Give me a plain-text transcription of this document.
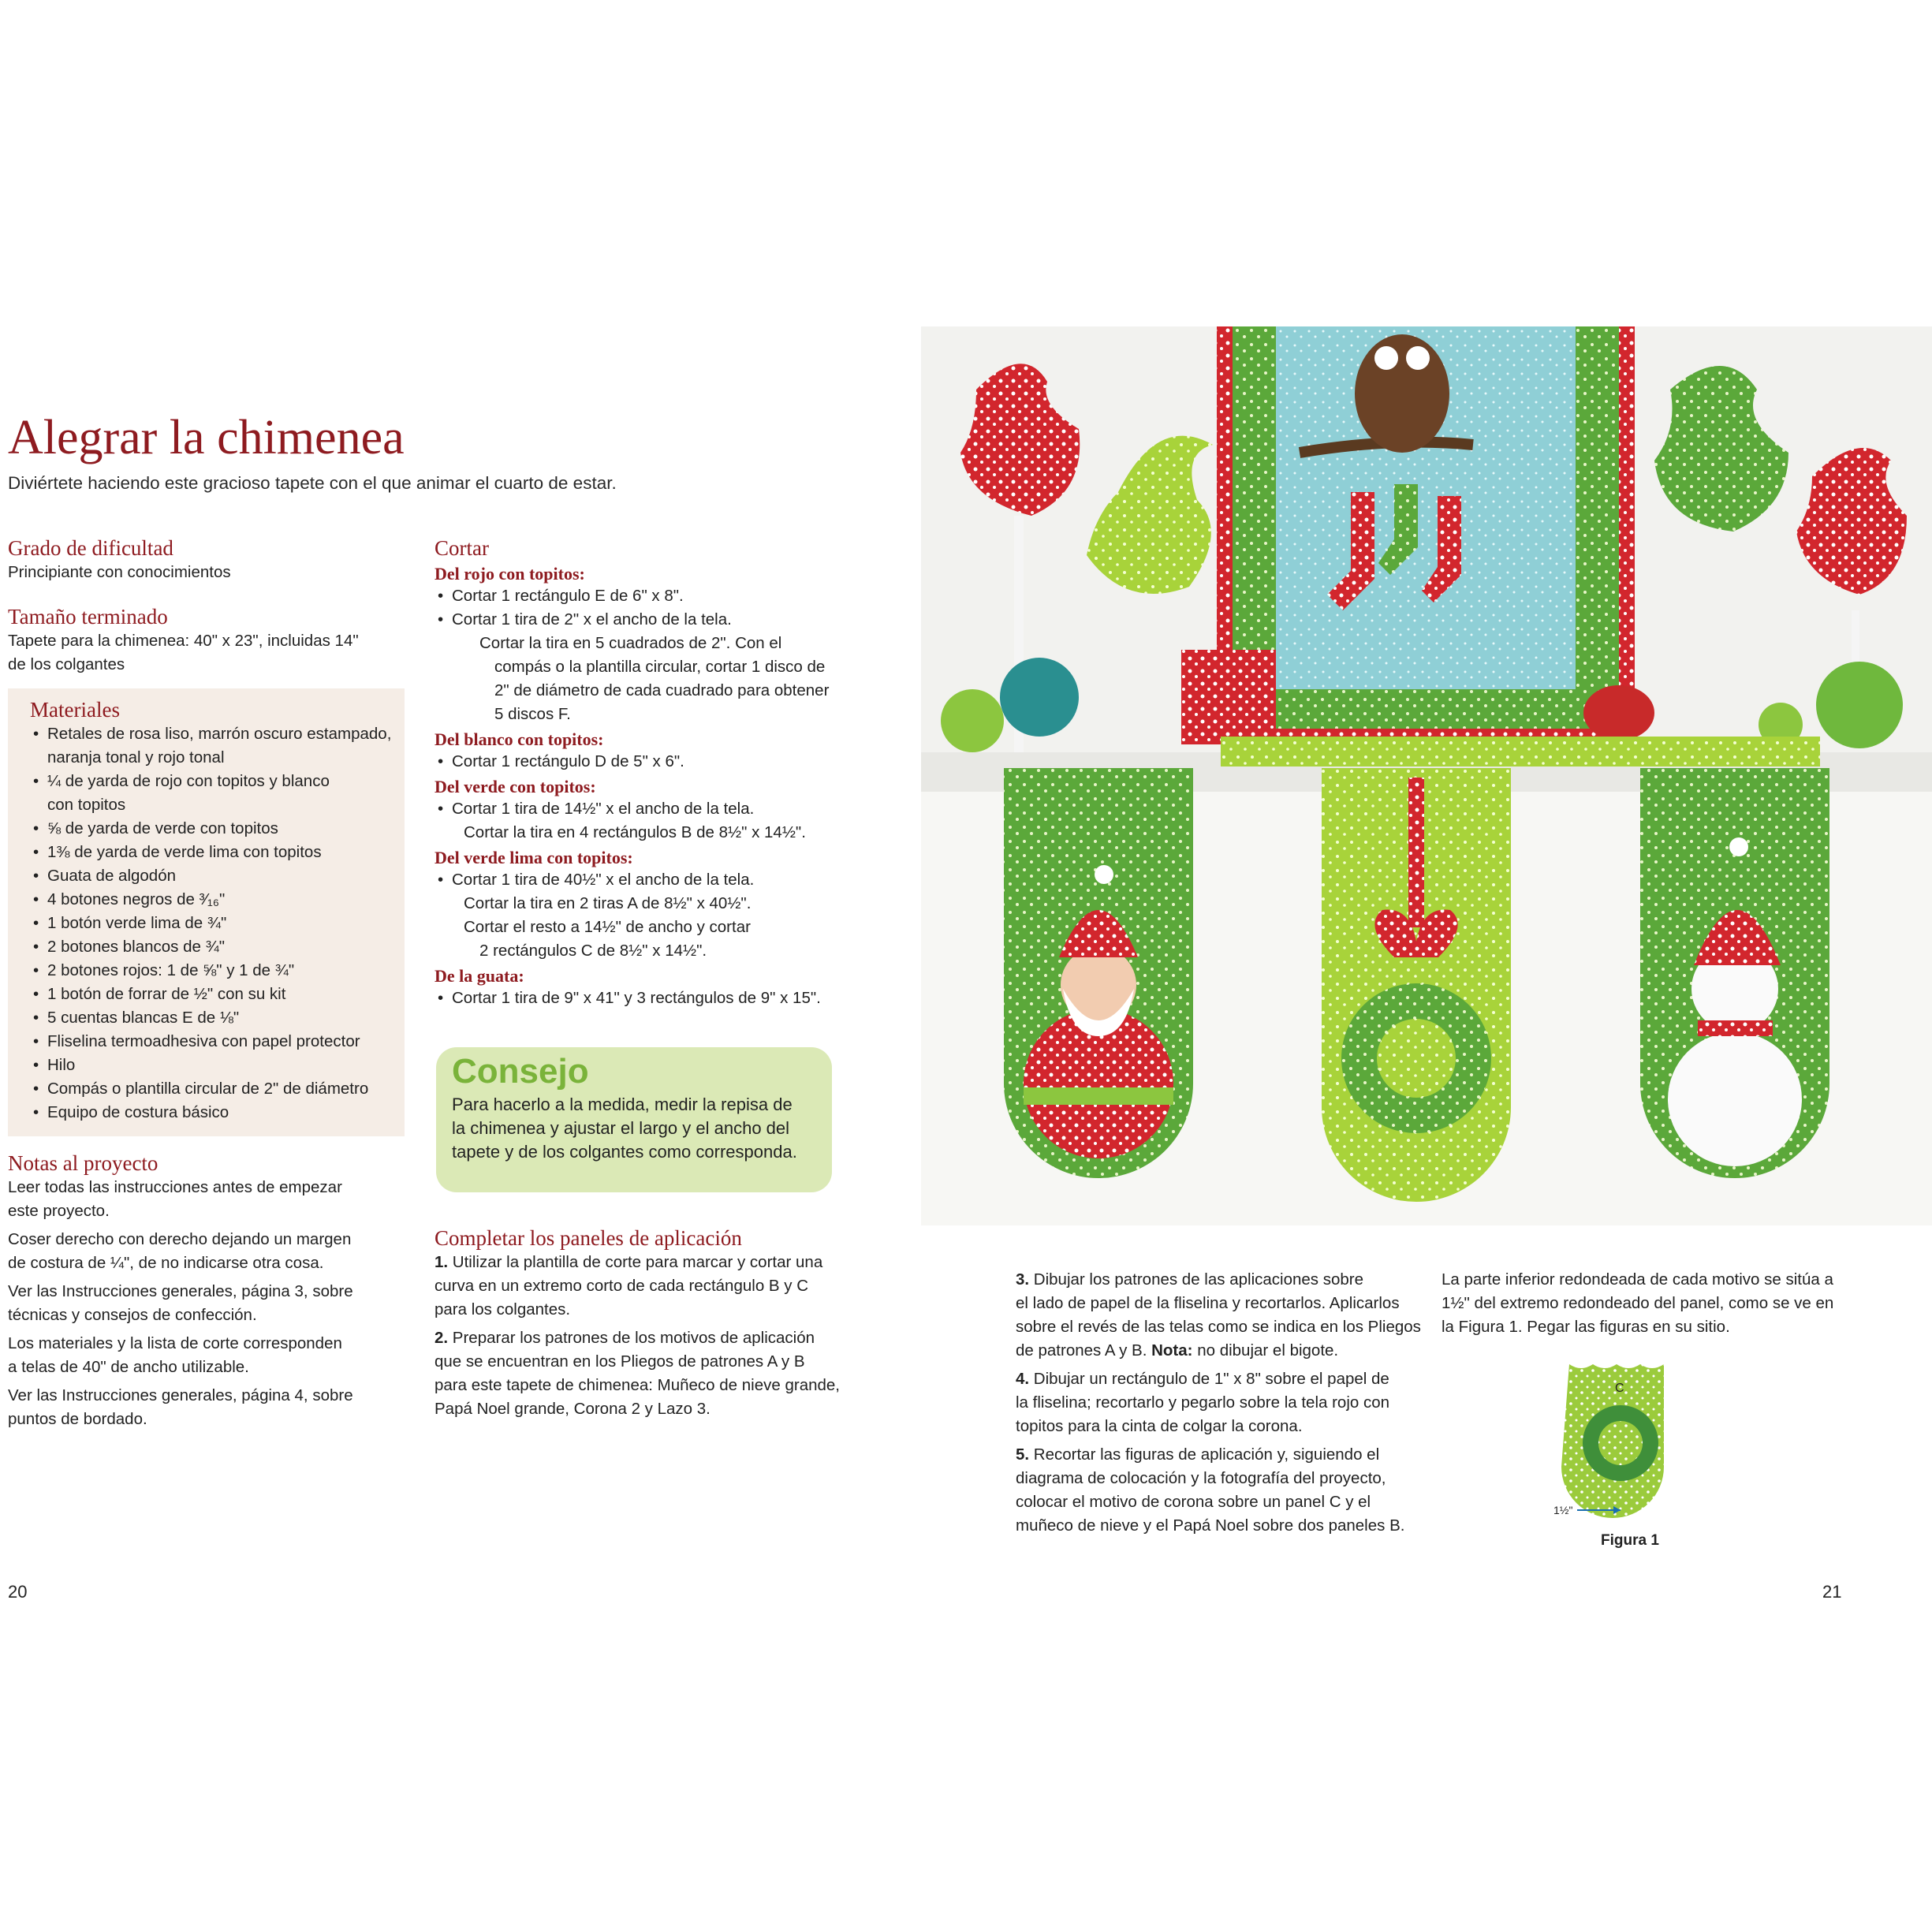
Alegrar la chimenea
Diviértete haciendo este gracioso tapete con el que animar el cuarto de estar.
Grado de dificultad
Principiante con conocimientos
Tamaño terminado
Tapete para la chimenea: 40" x 23", incluidas 14"
de los colgantes
Materiales
• Retales de rosa liso, marrón oscuro estampado,
naranja tonal y rojo tonal
• ¼ de yarda de rojo con topitos y blanco
con topitos
• ⅝ de yarda de verde con topitos
• 1⅜ de yarda de verde lima con topitos
• Guata de algodón
• 4 botones negros de ³⁄₁₆"
• 1 botón verde lima de ¾"
• 2 botones blancos de ¾"
• 2 botones rojos: 1 de ⅝" y 1 de ¾"
• 1 botón de forrar de ½" con su kit
• 5 cuentas blancas E de ⅛"
• Fliselina termoadhesiva con papel protector
• Hilo
• Compás o plantilla circular de 2" de diámetro
• Equipo de costura básico
Notas al proyecto
Leer todas las instrucciones antes de empezar
este proyecto.
Coser derecho con derecho dejando un margen
de costura de ¼", de no indicarse otra cosa.
Ver las Instrucciones generales, página 3, sobre
técnicas y consejos de confección.
Los materiales y la lista de corte corresponden
a telas de 40" de ancho utilizable.
Ver las Instrucciones generales, página 4, sobre
puntos de bordado.
Cortar
Del rojo con topitos:
• Cortar 1 rectángulo E de 6" x 8".
• Cortar 1 tira de 2" x el ancho de la tela.
Cortar la tira en 5 cuadrados de 2". Con el
compás o la plantilla circular, cortar 1 disco de
2" de diámetro de cada cuadrado para obtener
5 discos F.
Del blanco con topitos:
• Cortar 1 rectángulo D de 5" x 6".
Del verde con topitos:
• Cortar 1 tira de 14½" x el ancho de la tela.
Cortar la tira en 4 rectángulos B de 8½" x 14½".
Del verde lima con topitos:
• Cortar 1 tira de 40½" x el ancho de la tela.
Cortar la tira en 2 tiras A de 8½" x 40½".
Cortar el resto a 14½" de ancho y cortar
2 rectángulos C de 8½" x 14½".
De la guata:
• Cortar 1 tira de 9" x 41" y 3 rectángulos de 9" x 15".
Consejo
Para hacerlo a la medida, medir la repisa de
la chimenea y ajustar el largo y el ancho del
tapete y de los colgantes como corresponda.
Completar los paneles de aplicación
1. Utilizar la plantilla de corte para marcar y cortar una
curva en un extremo corto de cada rectángulo B y C
para los colgantes.
2. Preparar los patrones de los motivos de aplicación
que se encuentran en los Pliegos de patrones A y B
para este tapete de chimenea: Muñeco de nieve grande,
Papá Noel grande, Corona 2 y Lazo 3.
20
3. Dibujar los patrones de las aplicaciones sobre
el lado de papel de la fliselina y recortarlos. Aplicarlos
sobre el revés de las telas como se indica en los Pliegos
de patrones A y B. Nota: no dibujar el bigote.
4. Dibujar un rectángulo de 1" x 8" sobre el papel de
la fliselina; recortarlo y pegarlo sobre la tela rojo con
topitos para la cinta de colgar la corona.
5. Recortar las figuras de aplicación y, siguiendo el
diagrama de colocación y la fotografía del proyecto,
colocar el motivo de corona sobre un panel C y el
muñeco de nieve y el Papá Noel sobre dos paneles B.
La parte inferior redondeada de cada motivo se sitúa a
1½" del extremo redondeado del panel, como se ve en
la Figura 1. Pegar las figuras en su sitio.
C
1½"
Figura 1
21
